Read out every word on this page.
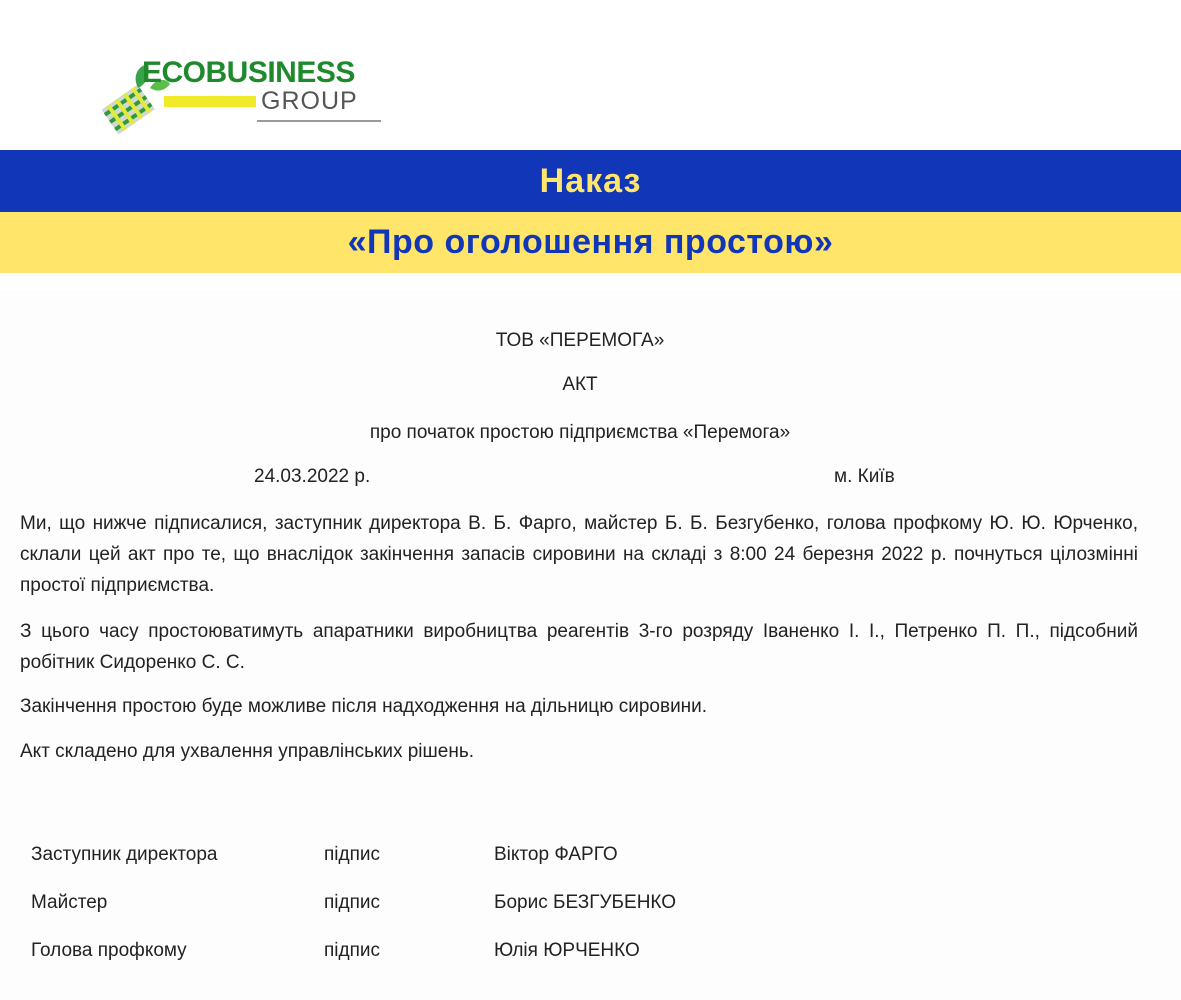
ECOBUSINESS
GROUP
Наказ
«Про оголошення простою»
ТОВ «ПЕРЕМОГА»
АКТ
про початок простою підприємства «Перемога»
24.03.2022 р.	м. Київ
Ми, що нижче підписалися, заступник директора В. Б. Фарго, майстер Б. Б. Безгубенко, голова профкому Ю. Ю. Юрченко, склали цей акт про те, що внаслідок закінчення запасів сировини на складі з 8:00 24 березня 2022 р. почнуться цілозмінні простої підприємства.
З цього часу простоюватимуть апаратники виробництва реагентів 3-го розряду Іваненко І. І., Петренко П. П., підсобний робітник Сидоренко С. С.
Закінчення простою буде можливе після надходження на дільницю сировини.
Акт складено для ухвалення управлінських рішень.
Заступник директора	підпис	Віктор ФАРГО
Майстер	підпис	Борис БЕЗГУБЕНКО
Голова профкому	підпис	Юлія ЮРЧЕНКО
